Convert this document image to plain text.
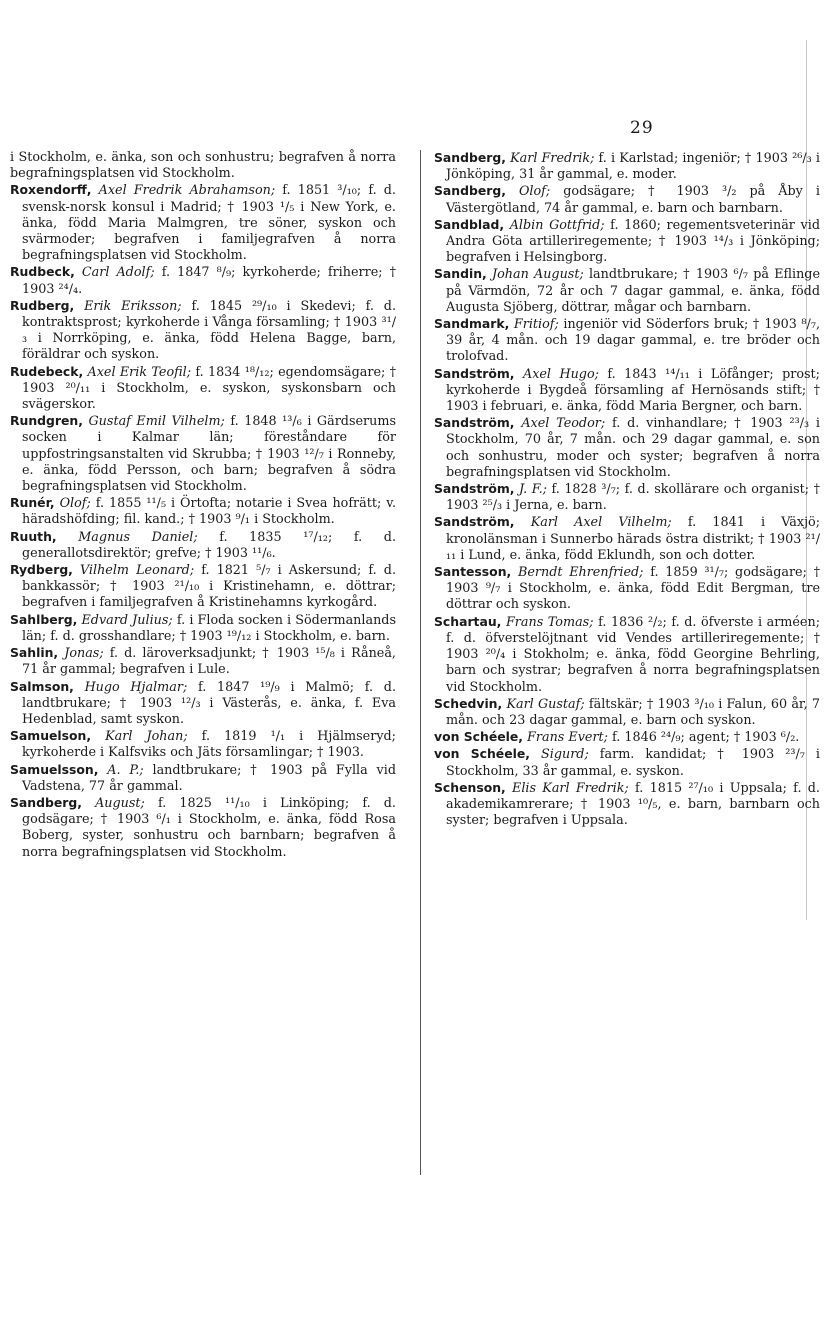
29

i Stockholm, e. änka, son och sonhustru; begrafven å norra begrafningsplatsen vid Stockholm.

Roxendorff, Axel Fredrik Abrahamson; f. 1851 ³/₁₀; f. d. svensk-norsk konsul i Madrid; † 1903 ¹/₅ i New York, e. änka, född Maria Malmgren, tre söner, syskon och svärmoder; begrafven i familjegrafven å norra begrafningsplatsen vid Stockholm.

Rudbeck, Carl Adolf; f. 1847 ⁸/₉; kyrkoherde; friherre; † 1903 ²⁴/₄.

Rudberg, Erik Eriksson; f. 1845 ²⁹/₁₀ i Skedevi; f. d. kontraktsprost; kyrkoherde i Vånga församling; † 1903 ³¹/₃ i Norrköping, e. änka, född Helena Bagge, barn, föräldrar och syskon.

Rudebeck, Axel Erik Teofil; f. 1834 ¹⁸/₁₂; egendomsägare; † 1903 ²⁰/₁₁ i Stockholm, e. syskon, syskonsbarn och svägerskor.

Rundgren, Gustaf Emil Vilhelm; f. 1848 ¹³/₆ i Gärdserums socken i Kalmar län; föreståndare för uppfostringsanstalten vid Skrubba; † 1903 ¹²/₇ i Ronneby, e. änka, född Persson, och barn; begrafven å södra begrafningsplatsen vid Stockholm.

Runér, Olof; f. 1855 ¹¹/₅ i Örtofta; notarie i Svea hofrätt; v. häradshöfding; fil. kand.; † 1903 ⁹/₁ i Stockholm.

Ruuth, Magnus Daniel; f. 1835 ¹⁷/₁₂; f. d. generallotsdirektör; grefve; † 1903 ¹¹/₆.

Rydberg, Vilhelm Leonard; f. 1821 ⁵/₇ i Askersund; f. d. bankkassör; † 1903 ²¹/₁₀ i Kristinehamn, e. döttrar; begrafven i familjegrafven å Kristinehamns kyrkogård.

Sahlberg, Edvard Julius; f. i Floda socken i Södermanlands län; f. d. grosshandlare; † 1903 ¹⁹/₁₂ i Stockholm, e. barn.

Sahlin, Jonas; f. d. läroverksadjunkt; † 1903 ¹⁵/₈ i Råneå, 71 år gammal; begrafven i Lule.

Salmson, Hugo Hjalmar; f. 1847 ¹⁹/₉ i Malmö; f. d. landtbrukare; † 1903 ¹²/₃ i Västerås, e. änka, f. Eva Hedenblad, samt syskon.

Samuelson, Karl Johan; f. 1819 ¹/₁ i Hjälmseryd; kyrkoherde i Kalfsviks och Jäts församlingar; † 1903.

Samuelsson, A. P.; landtbrukare; † 1903 på Fylla vid Vadstena, 77 år gammal.

Sandberg, August; f. 1825 ¹¹/₁₀ i Linköping; f. d. godsägare; † 1903 ⁶/₁ i Stockholm, e. änka, född Rosa Boberg, syster, sonhustru och barnbarn; begrafven å norra begrafningsplatsen vid Stockholm.

Sandberg, Karl Fredrik; f. i Karlstad; ingeniör; † 1903 ²⁶/₃ i Jönköping, 31 år gammal, e. moder.

Sandberg, Olof; godsägare; † 1903 ³/₂ på Åby i Västergötland, 74 år gammal, e. barn och barnbarn.

Sandblad, Albin Gottfrid; f. 1860; regementsveterinär vid Andra Göta artilleriregemente; † 1903 ¹⁴/₃ i Jönköping; begrafven i Helsingborg.

Sandin, Johan August; landtbrukare; † 1903 ⁶/₇ på Eflinge på Värmdön, 72 år och 7 dagar gammal, e. änka, född Augusta Sjöberg, döttrar, mågar och barnbarn.

Sandmark, Fritiof; ingeniör vid Söderfors bruk; † 1903 ⁸/₇, 39 år, 4 mån. och 19 dagar gammal, e. tre bröder och trolofvad.

Sandström, Axel Hugo; f. 1843 ¹⁴/₁₁ i Löfånger; prost; kyrkoherde i Bygdeå församling af Hernösands stift; † 1903 i februari, e. änka, född Maria Bergner, och barn.

Sandström, Axel Teodor; f. d. vinhandlare; † 1903 ²³/₃ i Stockholm, 70 år, 7 mån. och 29 dagar gammal, e. son och sonhustru, moder och syster; begrafven å norra begrafningsplatsen vid Stockholm.

Sandström, J. F.; f. 1828 ³/₇; f. d. skollärare och organist; † 1903 ²⁵/₃ i Jerna, e. barn.

Sandström, Karl Axel Vilhelm; f. 1841 i Växjö; kronolänsman i Sunnerbo härads östra distrikt; † 1903 ²¹/₁₁ i Lund, e. änka, född Eklundh, son och dotter.

Santesson, Berndt Ehrenfried; f. 1859 ³¹/₇; godsägare; † 1903 ⁹/₇ i Stockholm, e. änka, född Edit Bergman, tre döttrar och syskon.

Schartau, Frans Tomas; f. 1836 ²/₂; f. d. öfverste i arméen; f. d. öfverstelöjtnant vid Vendes artilleriregemente; † 1903 ²⁰/₄ i Stokholm; e. änka, född Georgine Behrling, barn och systrar; begrafven å norra begrafningsplatsen vid Stockholm.

Schedvin, Karl Gustaf; fältskär; † 1903 ³/₁₀ i Falun, 60 år, 7 mån. och 23 dagar gammal, e. barn och syskon.

von Schéele, Frans Evert; f. 1846 ²⁴/₉; agent; † 1903 ⁶/₂.

von Schéele, Sigurd; farm. kandidat; † 1903 ²³/₇ i Stockholm, 33 år gammal, e. syskon.

Schenson, Elis Karl Fredrik; f. 1815 ²⁷/₁₀ i Uppsala; f. d. akademikamrerare; † 1903 ¹⁰/₅, e. barn, barnbarn och syster; begrafven i Uppsala.
